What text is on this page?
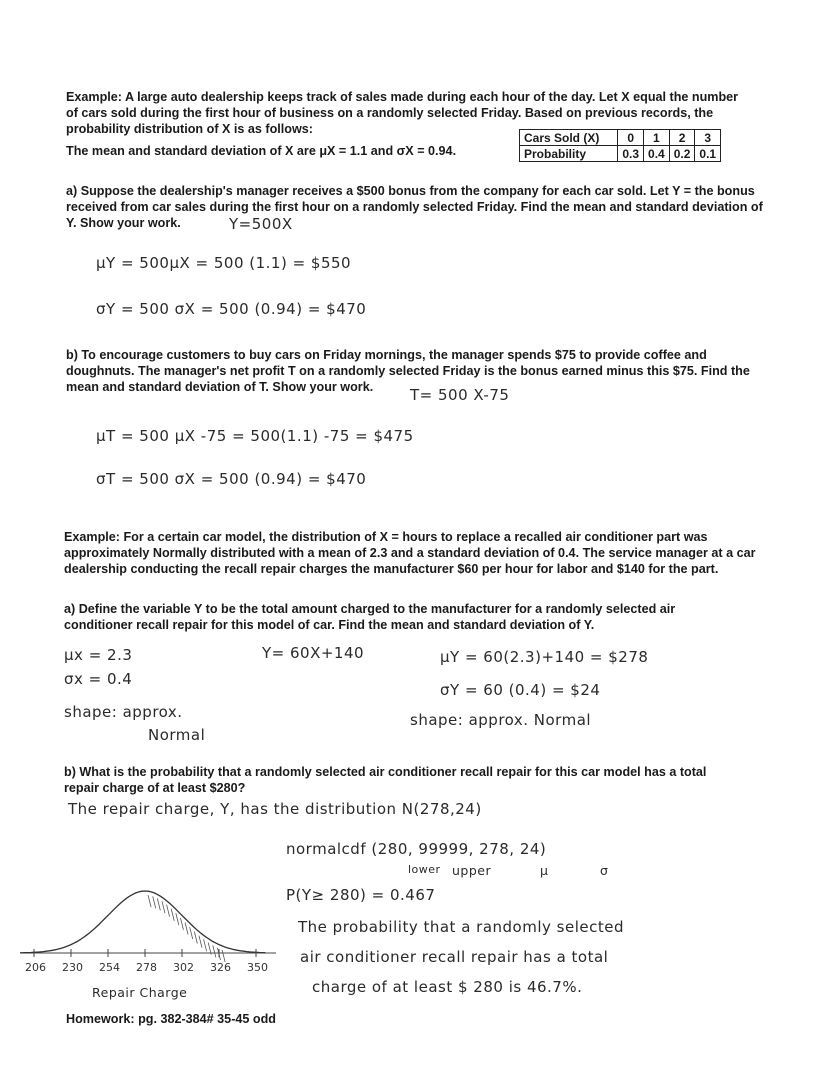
Example: A large auto dealership keeps track of sales made during each hour of the day. Let X equal the number of cars sold during the first hour of business on a randomly selected Friday. Based on previous records, the probability distribution of X is as follows:

The mean and standard deviation of X are μX = 1.1 and σX = 0.94.

Cars Sold (X)	0	1	2	3
Probability	0.3	0.4	0.2	0.1

a) Suppose the dealership's manager receives a $500 bonus from the company for each car sold. Let Y = the bonus received from car sales during the first hour on a randomly selected Friday. Find the mean and standard deviation of Y. Show your work.	Y=500X
μY = 500μX = 500 (1.1) = $550
σY = 500 σX = 500 (0.94) = $470

b) To encourage customers to buy cars on Friday mornings, the manager spends $75 to provide coffee and doughnuts. The manager's net profit T on a randomly selected Friday is the bonus earned minus this $75. Find the mean and standard deviation of T. Show your work.	T= 500 X-75
μT = 500 μX -75 = 500(1.1) -75 = $475
σT = 500 σX = 500 (0.94) = $470

Example: For a certain car model, the distribution of X = hours to replace a recalled air conditioner part was approximately Normally distributed with a mean of 2.3 and a standard deviation of 0.4. The service manager at a car dealership conducting the recall repair charges the manufacturer $60 per hour for labor and $140 for the part.

a) Define the variable Y to be the total amount charged to the manufacturer for a randomly selected air conditioner recall repair for this model of car. Find the mean and standard deviation of Y.

μx = 2.3
σx = 0.4
shape: approx.
Normal
Y= 60X+140	μY = 60(2.3)+140 = $278
σY = 60 (0.4) = $24
shape: approx. Normal

b) What is the probability that a randomly selected air conditioner recall repair for this car model has a total repair charge of at least $280?

The repair charge, Y, has the distribution N(278,24)
normalcdf (280, 99999, 278, 24)
lower upper	μ	σ
P(Y≥ 280) = 0.467
The probability that a randomly selected
air conditioner recall repair has a total
charge of at least $ 280 is 46.7%.
206 230 254 278 302 326 350
Repair Charge

Homework: pg. 382-384# 35-45 odd
